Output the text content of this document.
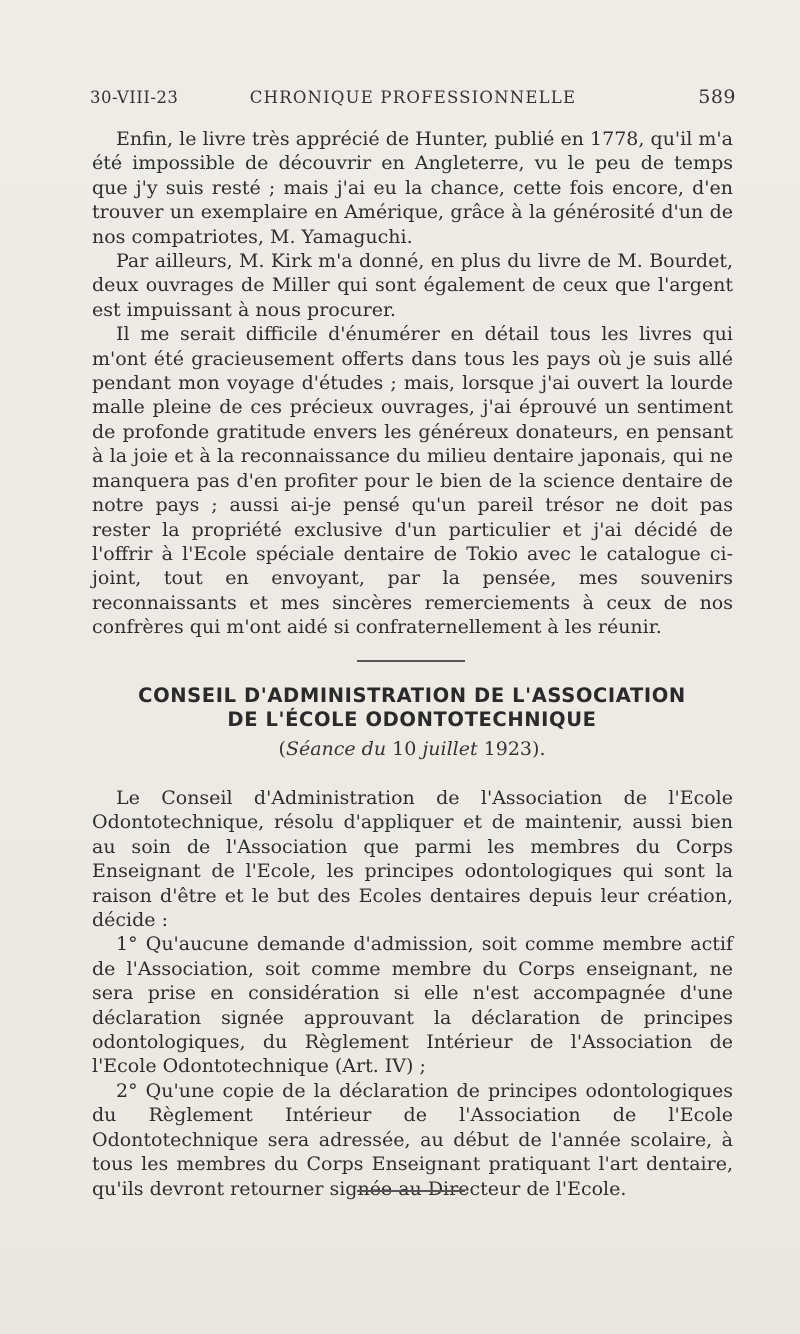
30-VIII-23	CHRONIQUE PROFESSIONNELLE	589

Enfin, le livre très apprécié de Hunter, publié en 1778, qu'il m'a été impossible de découvrir en Angleterre, vu le peu de temps que j'y suis resté ; mais j'ai eu la chance, cette fois encore, d'en trouver un exemplaire en Amérique, grâce à la générosité d'un de nos compatriotes, M. Yamaguchi.

Par ailleurs, M. Kirk m'a donné, en plus du livre de M. Bourdet, deux ouvrages de Miller qui sont également de ceux que l'argent est impuissant à nous procurer.

Il me serait difficile d'énumérer en détail tous les livres qui m'ont été gracieusement offerts dans tous les pays où je suis allé pendant mon voyage d'études ; mais, lorsque j'ai ouvert la lourde malle pleine de ces précieux ouvrages, j'ai éprouvé un sentiment de profonde gratitude envers les généreux donateurs, en pensant à la joie et à la reconnaissance du milieu dentaire japonais, qui ne manquera pas d'en profiter pour le bien de la science dentaire de notre pays ; aussi ai-je pensé qu'un pareil trésor ne doit pas rester la propriété exclusive d'un particulier et j'ai décidé de l'offrir à l'Ecole spéciale dentaire de Tokio avec le catalogue ci-joint, tout en envoyant, par la pensée, mes souvenirs reconnaissants et mes sincères remerciements à ceux de nos confrères qui m'ont aidé si confraternellement à les réunir.

CONSEIL D'ADMINISTRATION DE L'ASSOCIATION
DE L'ÉCOLE ODONTOTECHNIQUE
(Séance du 10 juillet 1923).

Le Conseil d'Administration de l'Association de l'Ecole Odontotechnique, résolu d'appliquer et de maintenir, aussi bien au soin de l'Association que parmi les membres du Corps Enseignant de l'Ecole, les principes odontologiques qui sont la raison d'être et le but des Ecoles dentaires depuis leur création, décide :

1° Qu'aucune demande d'admission, soit comme membre actif de l'Association, soit comme membre du Corps enseignant, ne sera prise en considération si elle n'est accompagnée d'une déclaration signée approuvant la déclaration de principes odontologiques, du Règlement Intérieur de l'Association de l'Ecole Odontotechnique (Art. IV) ;

2° Qu'une copie de la déclaration de principes odontologiques du Règlement Intérieur de l'Association de l'Ecole Odontotechnique sera adressée, au début de l'année scolaire, à tous les membres du Corps Enseignant pratiquant l'art dentaire, qu'ils devront retourner signée au Directeur de l'Ecole.
